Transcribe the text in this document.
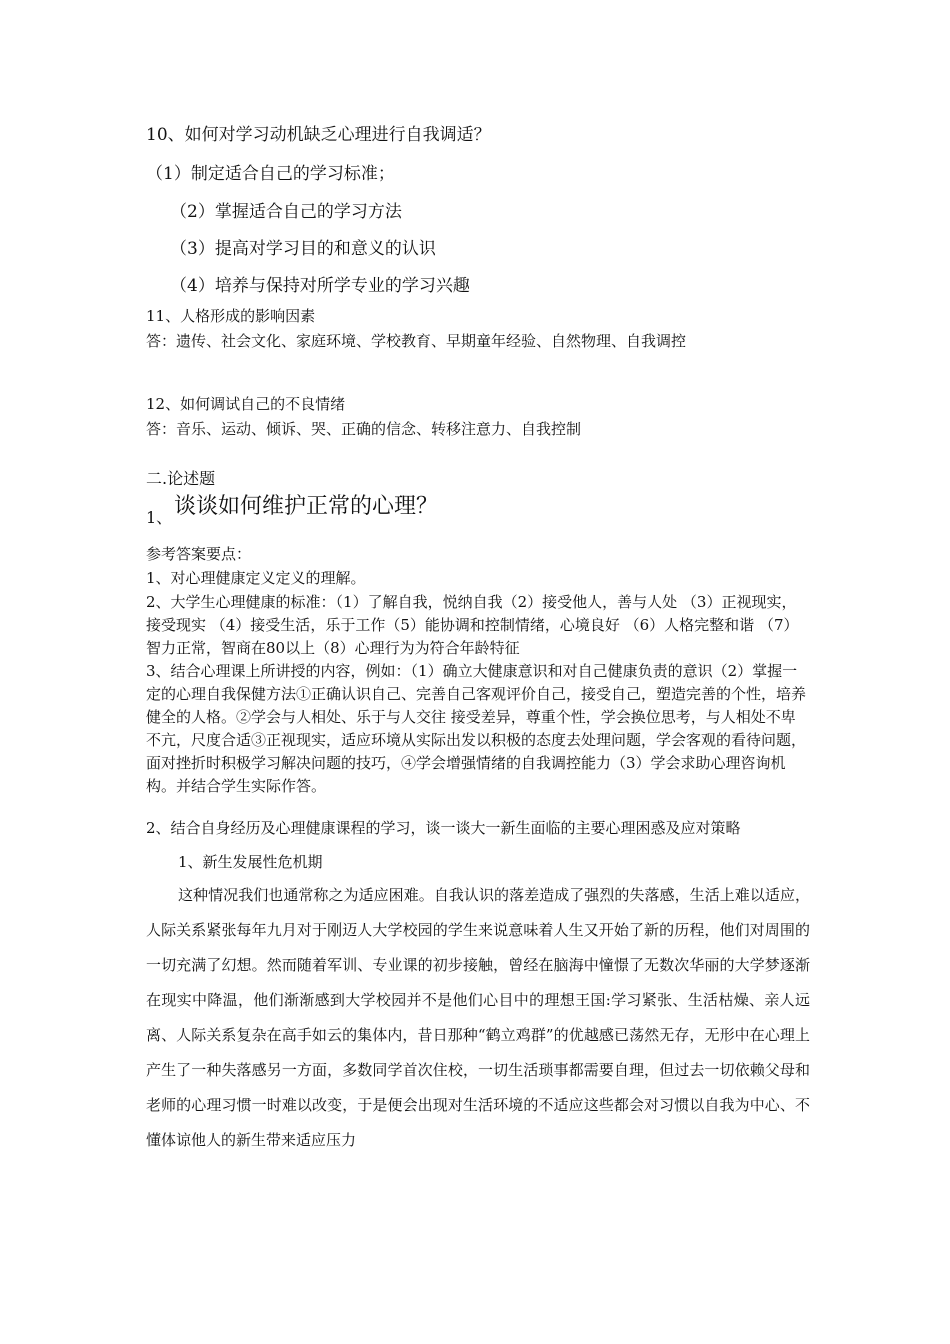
10、如何对学习动机缺乏心理进行自我调适？
（1）制定适合自己的学习标准；
（2）掌握适合自己的学习方法
（3）提高对学习目的和意义的认识
（4）培养与保持对所学专业的学习兴趣
11、人格形成的影响因素
答：遗传、社会文化、家庭环境、学校教育、早期童年经验、自然物理、自我调控
12、如何调试自己的不良情绪
答：音乐、运动、倾诉、哭、正确的信念、转移注意力、自我控制
二.论述题
1、 谈谈如何维护正常的心理？
参考答案要点：
1、对心理健康定义定义的理解。
2、大学生心理健康的标准：（1）了解自我，悦纳自我（2）接受他人，善与人处 （3）正视现实，接受现实 （4）接受生活，乐于工作（5）能协调和控制情绪，心境良好 （6）人格完整和谐 （7）智力正常，智商在80以上（8）心理行为为符合年龄特征
3、结合心理课上所讲授的内容，例如：（1）确立大健康意识和对自己健康负责的意识（2）掌握一定的心理自我保健方法①正确认识自己、完善自己客观评价自己，接受自己，塑造完善的个性，培养健全的人格。②学会与人相处、乐于与人交往 接受差异，尊重个性，学会换位思考，与人相处不卑不亢，尺度合适③正视现实，适应环境从实际出发以积极的态度去处理问题，学会客观的看待问题，面对挫折时积极学习解决问题的技巧，④学会增强情绪的自我调控能力（3）学会求助心理咨询机构。并结合学生实际作答。
2、结合自身经历及心理健康课程的学习，谈一谈大一新生面临的主要心理困惑及应对策略
1、新生发展性危机期
这种情况我们也通常称之为适应困难。自我认识的落差造成了强烈的失落感，生活上难以适应，人际关系紧张每年九月对于刚迈人大学校园的学生来说意味着人生又开始了新的历程，他们对周围的一切充满了幻想。然而随着军训、专业课的初步接触，曾经在脑海中憧憬了无数次华丽的大学梦逐渐在现实中降温，他们渐渐感到大学校园并不是他们心目中的理想王国:学习紧张、生活枯燥、亲人远离、人际关系复杂在高手如云的集体内，昔日那种“鹤立鸡群”的优越感已荡然无存，无形中在心理上产生了一种失落感另一方面，多数同学首次住校，一切生活琐事都需要自理，但过去一切依赖父母和老师的心理习惯一时难以改变，于是便会出现对生活环境的不适应这些都会对习惯以自我为中心、不懂体谅他人的新生带来适应压力
